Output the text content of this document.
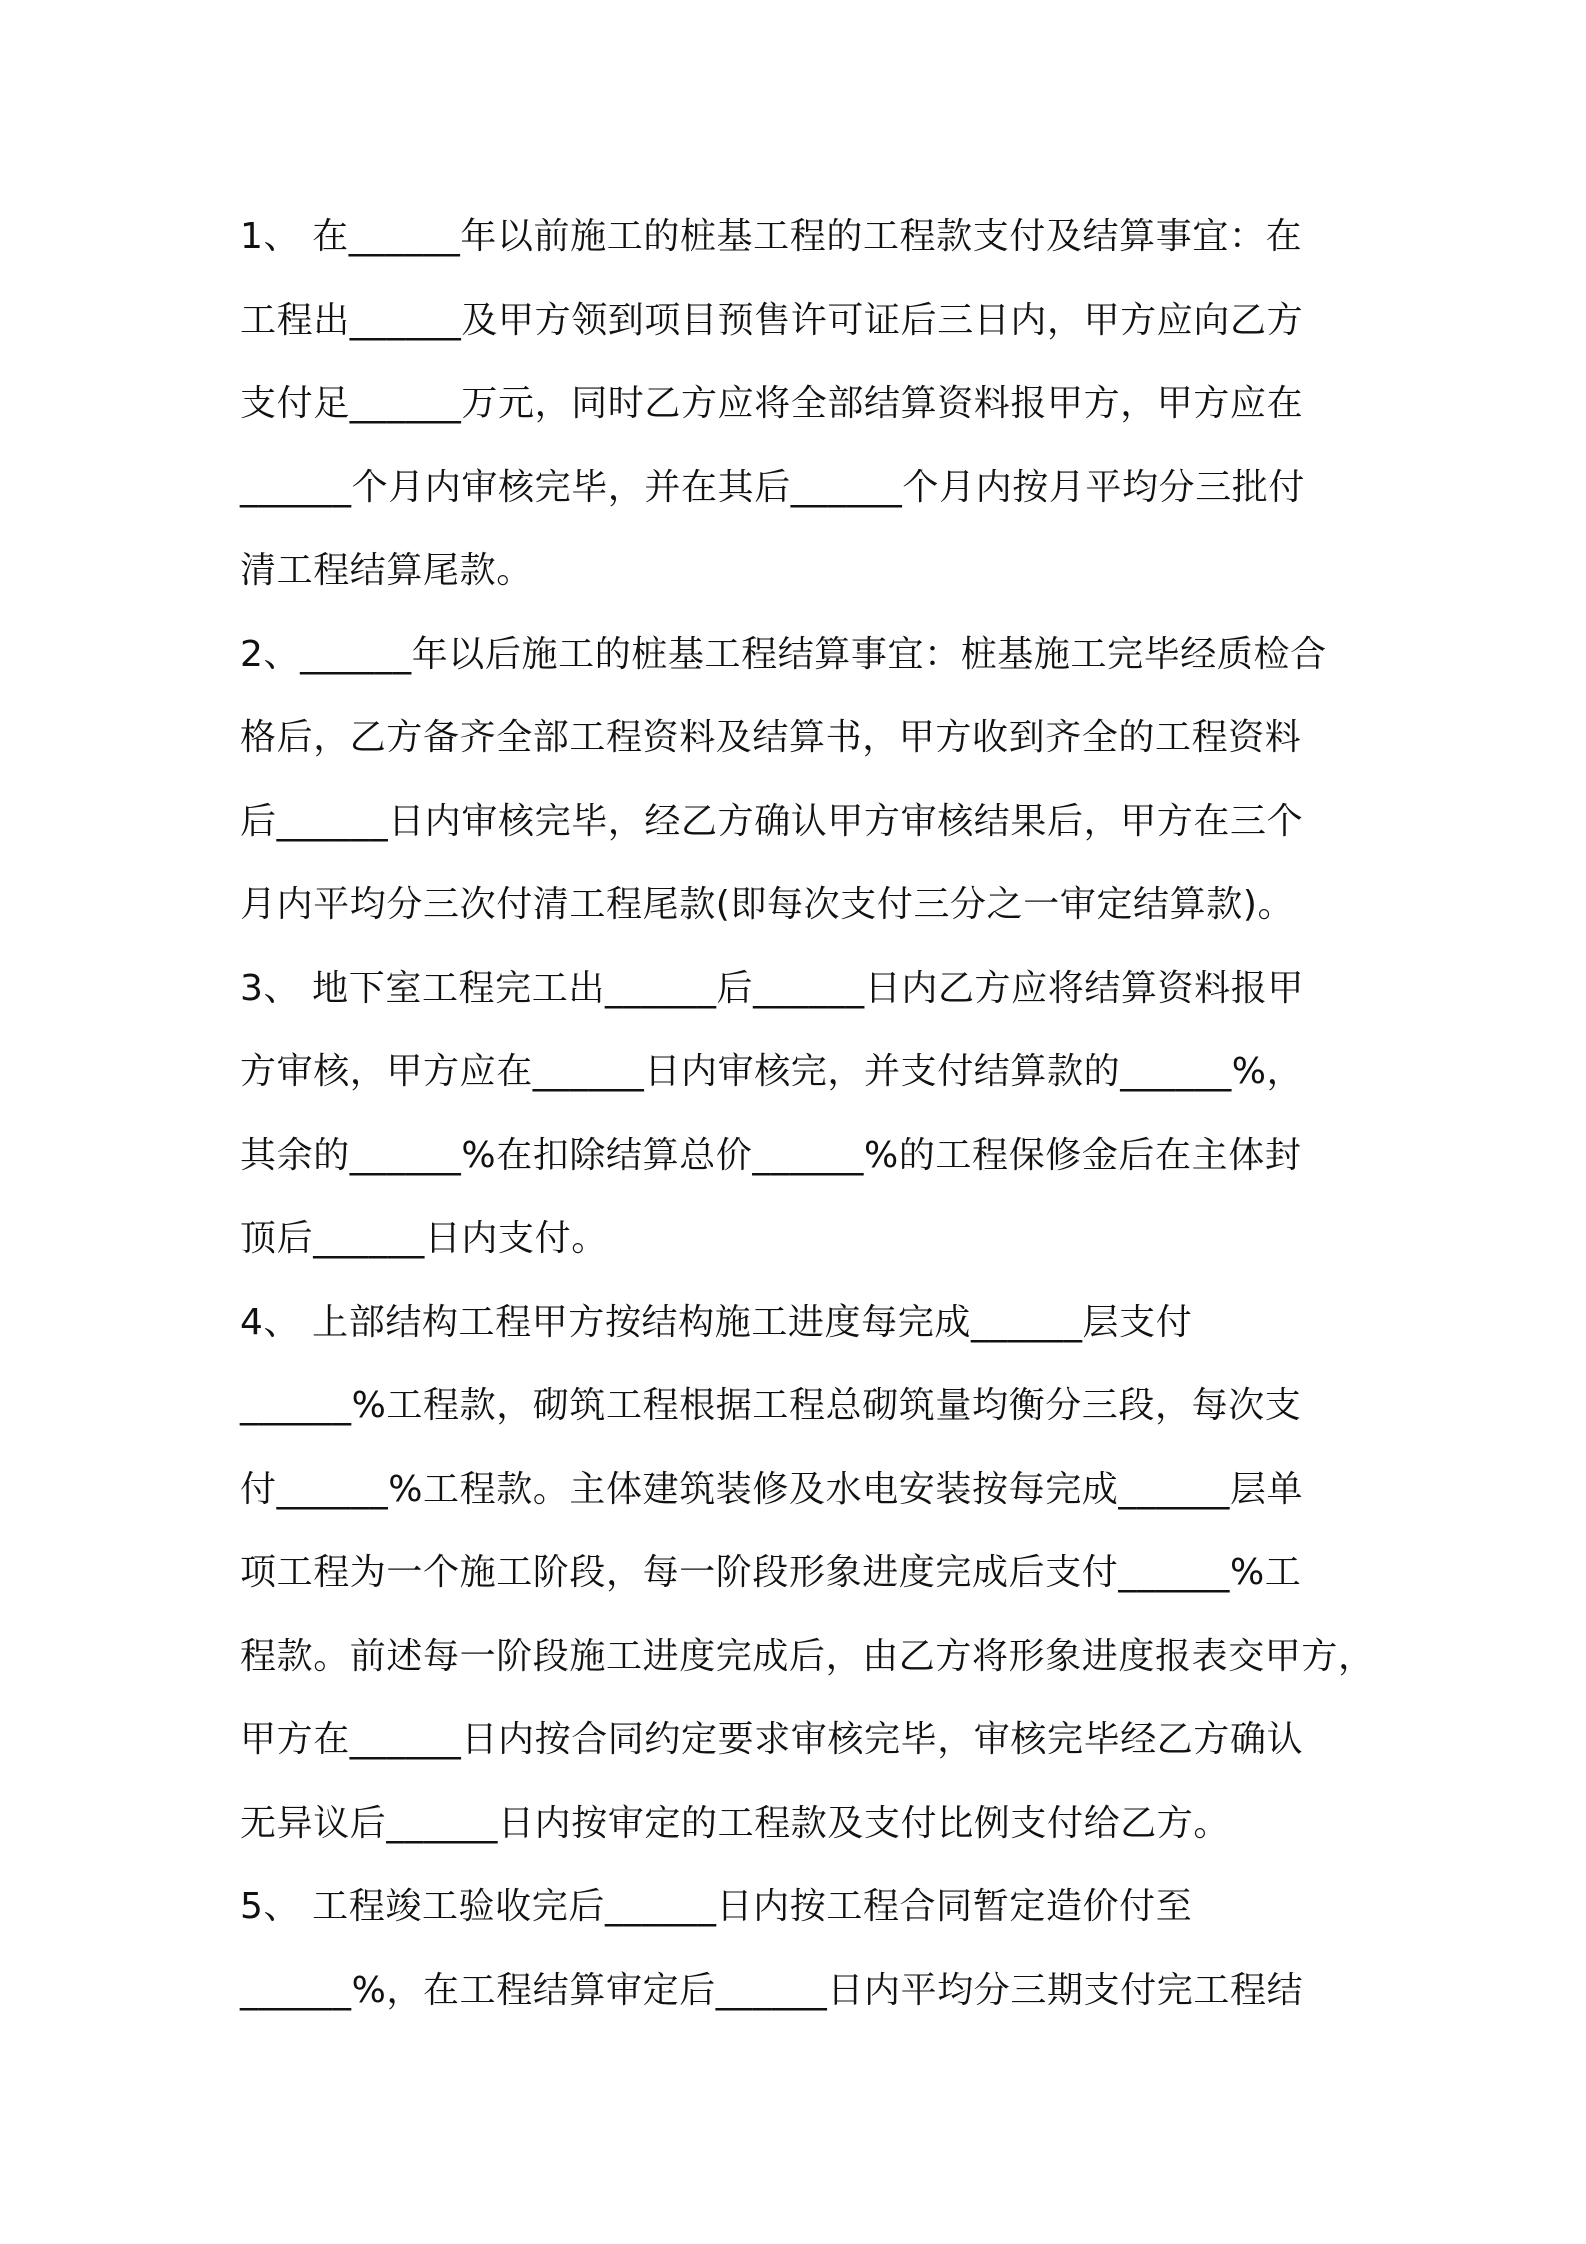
1、 在______年以前施工的桩基工程的工程款支付及结算事宜：在
工程出______及甲方领到项目预售许可证后三日内，甲方应向乙方
支付足______万元，同时乙方应将全部结算资料报甲方，甲方应在
______个月内审核完毕，并在其后______个月内按月平均分三批付
清工程结算尾款。
2、______年以后施工的桩基工程结算事宜：桩基施工完毕经质检合
格后，乙方备齐全部工程资料及结算书，甲方收到齐全的工程资料
后______日内审核完毕，经乙方确认甲方审核结果后，甲方在三个
月内平均分三次付清工程尾款(即每次支付三分之一审定结算款)。
3、 地下室工程完工出______后______日内乙方应将结算资料报甲
方审核，甲方应在______日内审核完，并支付结算款的______%，
其余的______%在扣除结算总价______%的工程保修金后在主体封
顶后______日内支付。
4、 上部结构工程甲方按结构施工进度每完成______层支付
______%工程款，砌筑工程根据工程总砌筑量均衡分三段，每次支
付______%工程款。主体建筑装修及水电安装按每完成______层单
项工程为一个施工阶段，每一阶段形象进度完成后支付______%工
程款。前述每一阶段施工进度完成后，由乙方将形象进度报表交甲方，
甲方在______日内按合同约定要求审核完毕，审核完毕经乙方确认
无异议后______日内按审定的工程款及支付比例支付给乙方。
5、 工程竣工验收完后______日内按工程合同暂定造价付至
______%，在工程结算审定后______日内平均分三期支付完工程结
